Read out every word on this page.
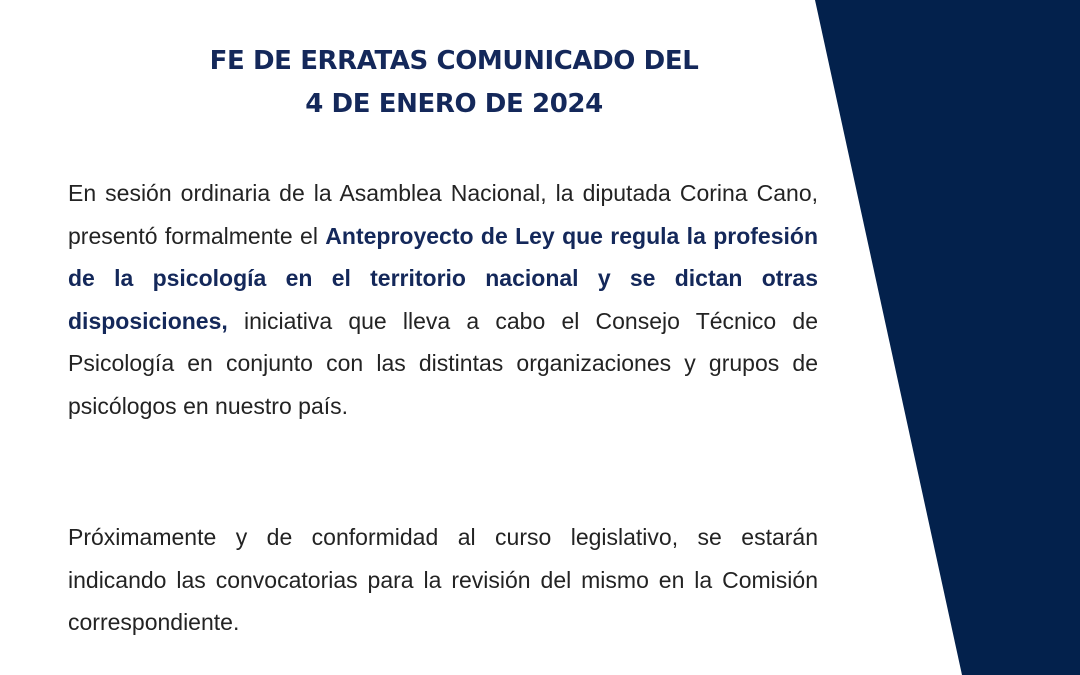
FE DE ERRATAS COMUNICADO DEL
4 DE ENERO DE 2024

En sesión ordinaria de la Asamblea Nacional, la diputada Corina Cano, presentó formalmente el Anteproyecto de Ley que regula la profesión de la psicología en el territorio nacional y se dictan otras disposiciones, iniciativa que lleva a cabo el Consejo Técnico de Psicología en conjunto con las distintas organizaciones y grupos de psicólogos en nuestro país.

Próximamente y de conformidad al curso legislativo, se estarán indicando las convocatorias para la revisión del mismo en la Comisión correspondiente.
